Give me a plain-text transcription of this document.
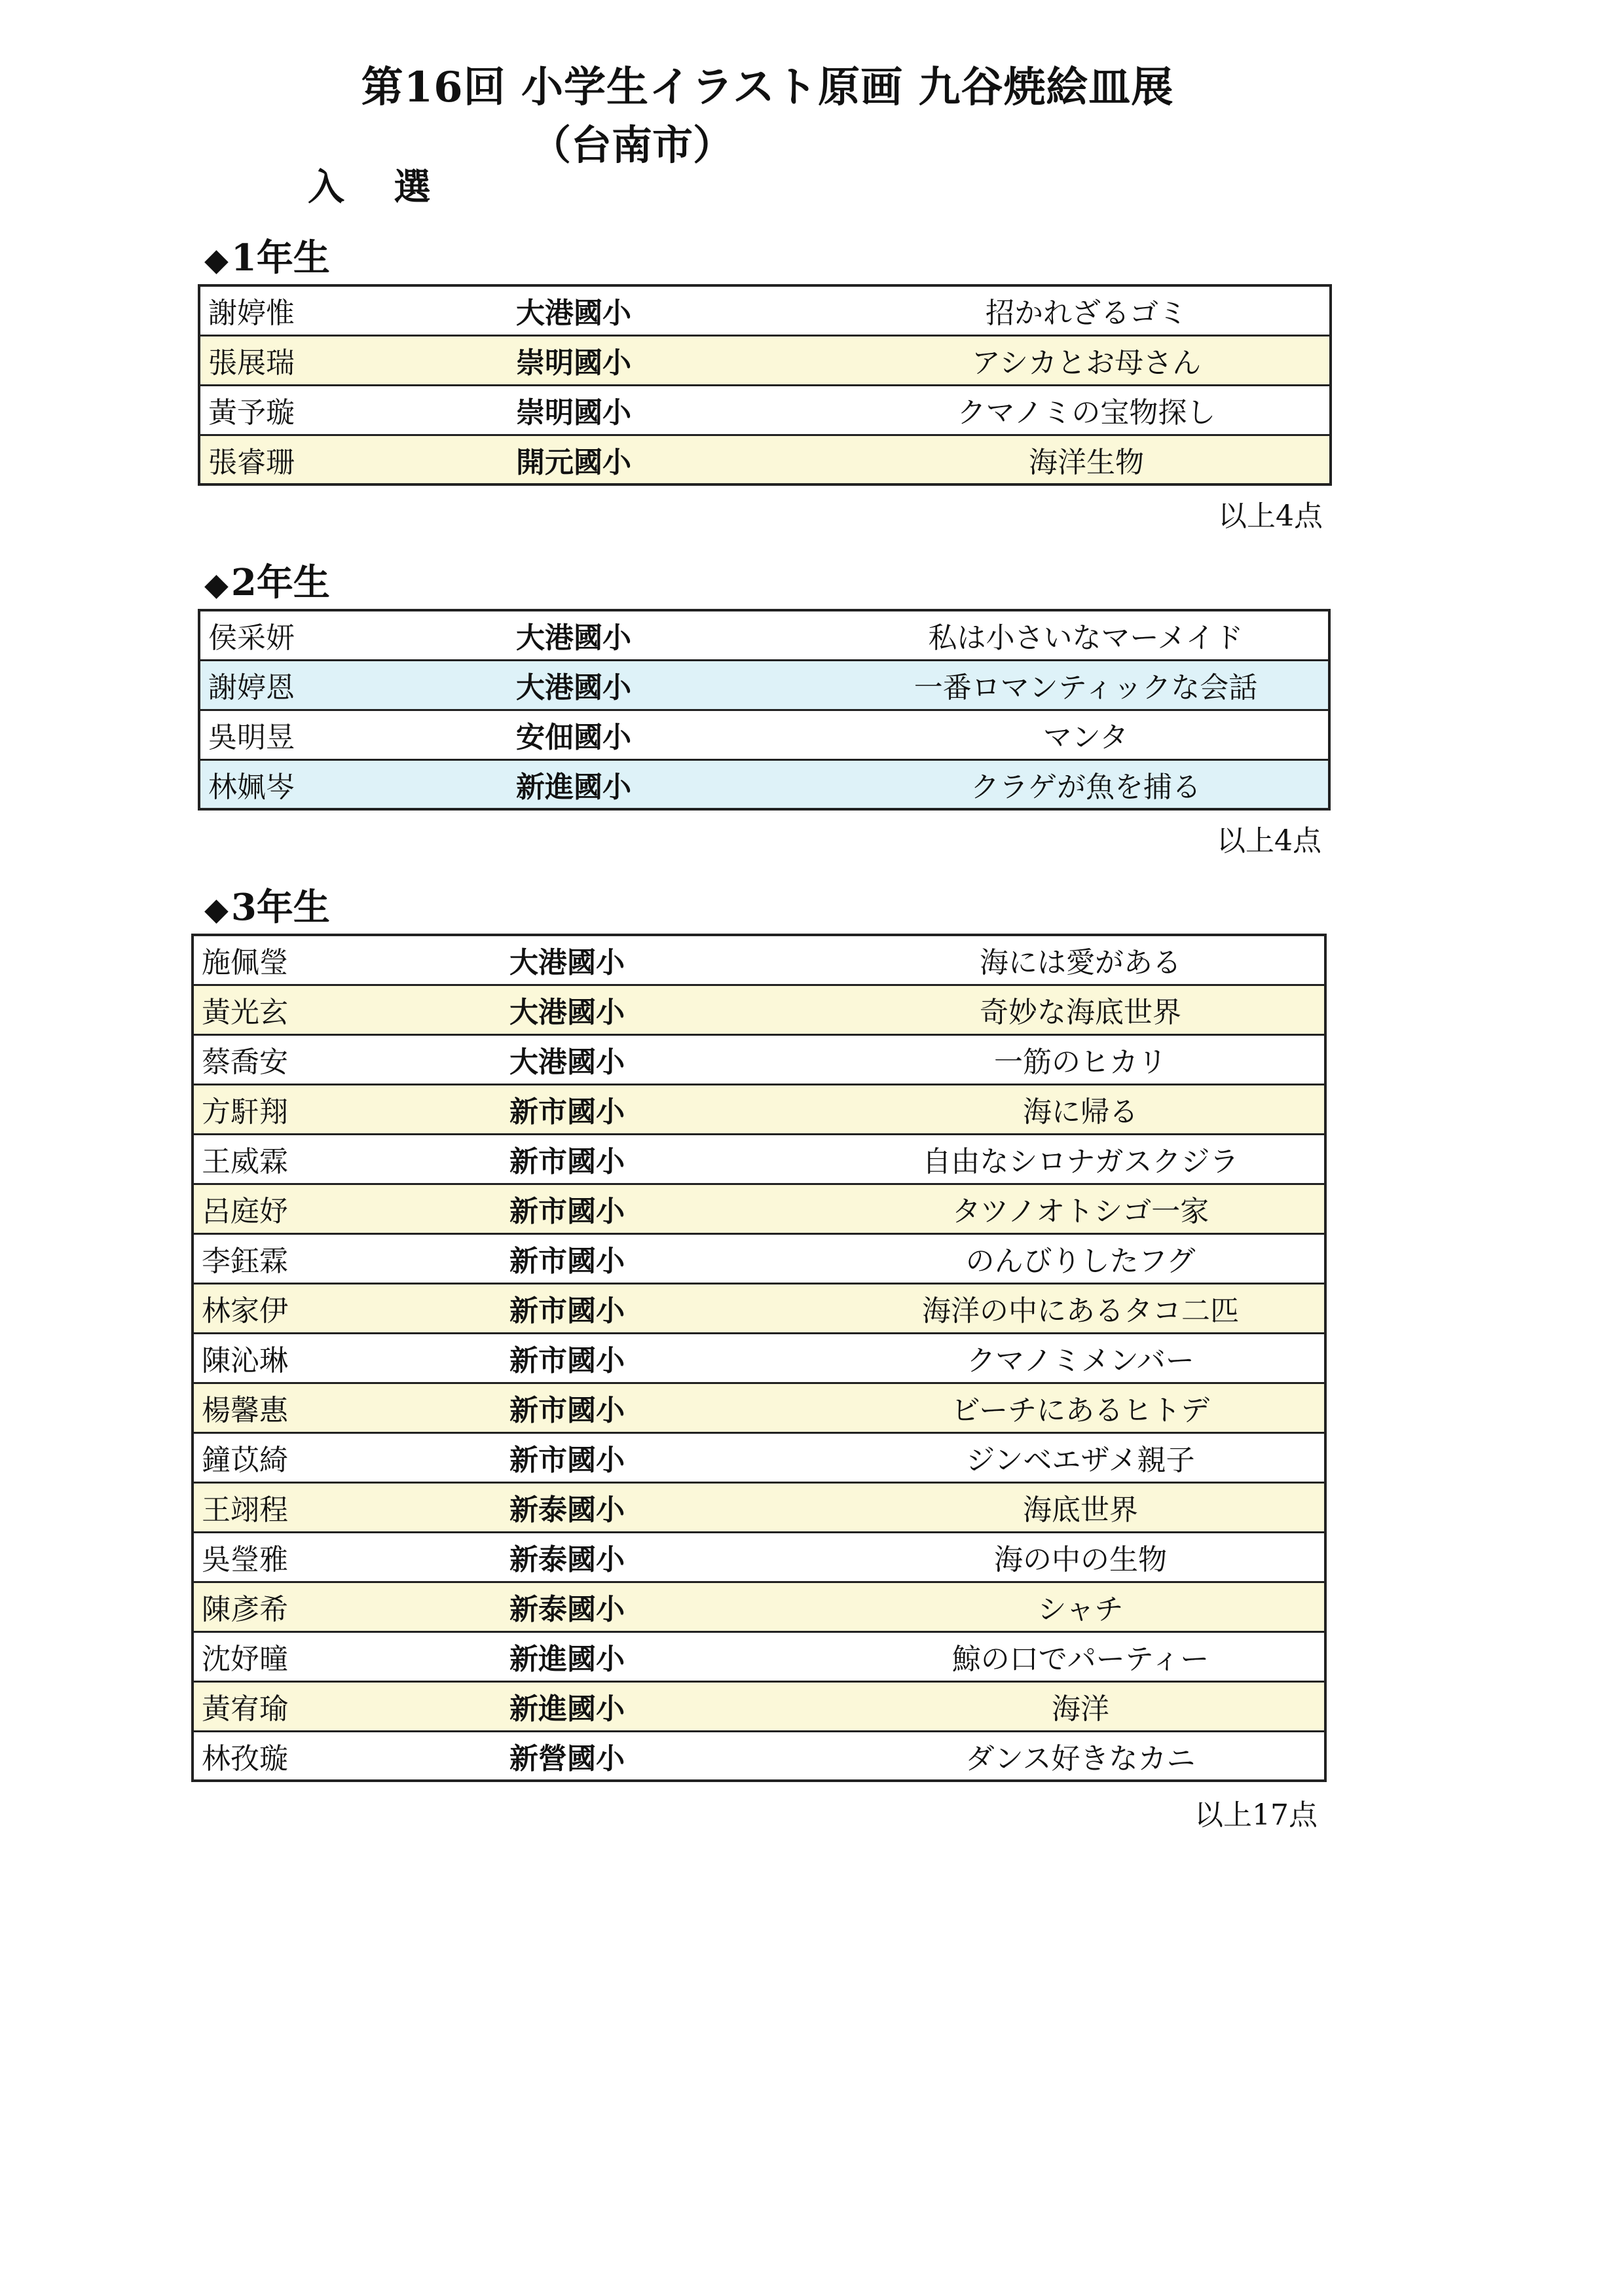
第16回 小学生イラスト原画 九谷焼絵皿展
（台南市）
入 選
◆1年生
謝婷惟	大港國小	招かれざるゴミ
張展瑞	崇明國小	アシカとお母さん
黃予璇	崇明國小	クマノミの宝物探し
張睿珊	開元國小	海洋生物
以上4点
◆2年生
侯采妍	大港國小	私は小さいなマーメイド
謝婷恩	大港國小	一番ロマンティックな会話
吳明昱	安佃國小	マンタ
林姵岑	新進國小	クラゲが魚を捕る
以上4点
◆3年生
施佩瑩	大港國小	海には愛がある
黃光玄	大港國小	奇妙な海底世界
蔡喬安	大港國小	一筋のヒカリ
方馯翔	新市國小	海に帰る
王威霖	新市國小	自由なシロナガスクジラ
呂庭妤	新市國小	タツノオトシゴ一家
李鈺霖	新市國小	のんびりしたフグ
林家伊	新市國小	海洋の中にあるタコ二匹
陳沁琳	新市國小	クマノミメンバー
楊馨惠	新市國小	ビーチにあるヒトデ
鐘苡綺	新市國小	ジンベエザメ親子
王翊程	新泰國小	海底世界
吳瑩雅	新泰國小	海の中の生物
陳彥希	新泰國小	シャチ
沈妤曈	新進國小	鯨の口でパーティー
黃宥瑜	新進國小	海洋
林孜璇	新營國小	ダンス好きなカニ
以上17点
